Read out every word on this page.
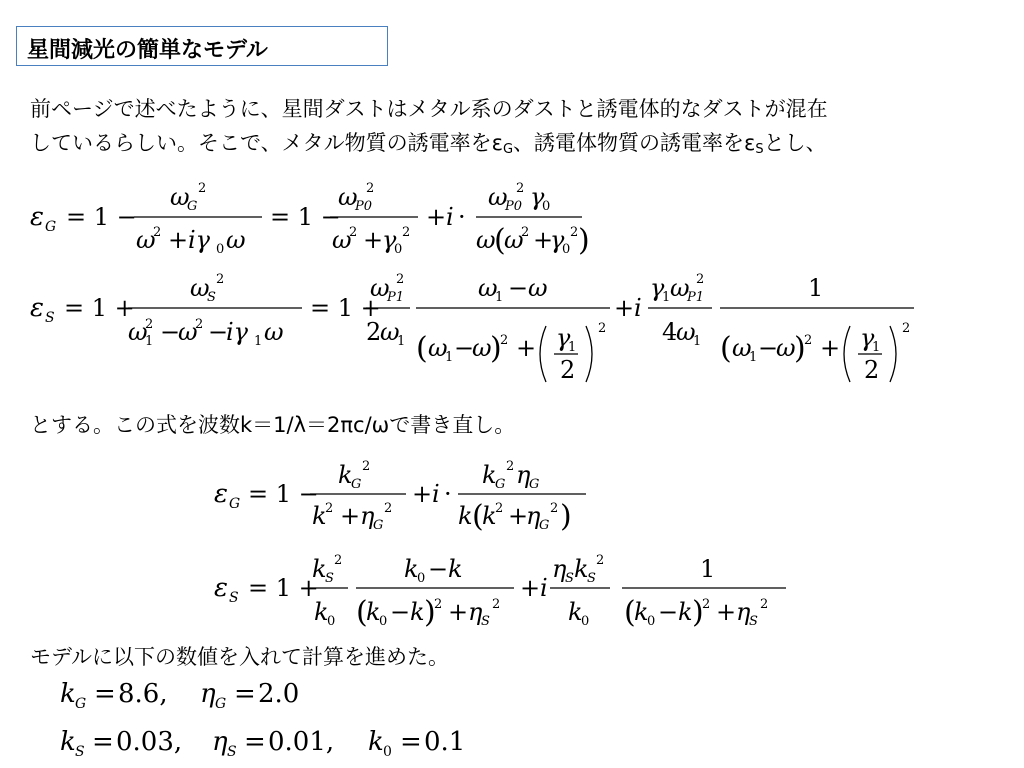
星間減光の簡単なモデル
前ページで述べたように、星間ダストはメタル系のダストと誘電体的なダストが混在
しているらしい。そこで、メタル物質の誘電率を$\varepsilon_G$、誘電体物質の誘電率を$\varepsilon_S$とし、
ε G = 1 −
ω
G
2
ω
2 + iγ 0 ω
= 1 −
ω
P0
2
ω
2 +
γ
0
2
+ i ·
ω
P0
2 γ
0
ω
(
ω
2 +
γ
0
2 )
ε S = 1 +
ω
S
2
ω
1
2 −
ω
2 −
iγ 1 ω
= 1 +
ω
P1
2
2
ω
1
ω
1 − ω
( ω
1 −
ω
)
2 + γ
1
2
2
+ i
γ
1 ω
P1
2
4
ω
1
1
( ω
1 −
ω
)
2 + γ
1
2
2
とする。この式を波数k＝1/λ＝2πc/ωで書き直し。
ε G = 1 −
k
G
2
k
2 + η
G
2
+ i ·
k
G
2 η
G
k (
k
2 +
η
G
2 )
ε S = 1 +
k
S
2
k
0
k
0 − k
(
k
0 − k )
2 + η
S
2
+ i
η
S k
S
2
k
0
1
(
k
0 − k )
2 + η
S
2
モデルに以下の数値を入れて計算を進めた。
k G = 8.6, η G = 2.0
k S = 0.03, η S = 0.01, k 0 = 0.1
